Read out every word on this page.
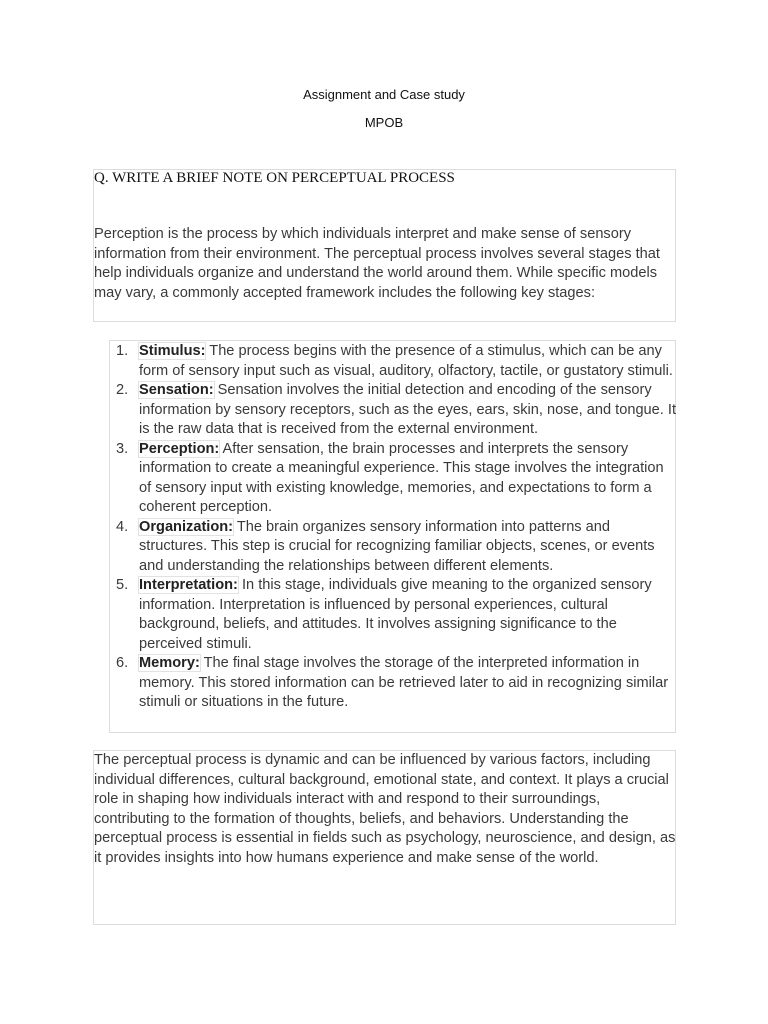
Assignment and Case study
MPOB
Q. WRITE A BRIEF NOTE ON PERCEPTUAL PROCESS
Perception is the process by which individuals interpret and make sense of sensory information from their environment. The perceptual process involves several stages that help individuals organize and understand the world around them. While specific models may vary, a commonly accepted framework includes the following key stages:
1. Stimulus: The process begins with the presence of a stimulus, which can be any form of sensory input such as visual, auditory, olfactory, tactile, or gustatory stimuli.
2. Sensation: Sensation involves the initial detection and encoding of the sensory information by sensory receptors, such as the eyes, ears, skin, nose, and tongue. It is the raw data that is received from the external environment.
3. Perception: After sensation, the brain processes and interprets the sensory information to create a meaningful experience. This stage involves the integration of sensory input with existing knowledge, memories, and expectations to form a coherent perception.
4. Organization: The brain organizes sensory information into patterns and structures. This step is crucial for recognizing familiar objects, scenes, or events and understanding the relationships between different elements.
5. Interpretation: In this stage, individuals give meaning to the organized sensory information. Interpretation is influenced by personal experiences, cultural background, beliefs, and attitudes. It involves assigning significance to the perceived stimuli.
6. Memory: The final stage involves the storage of the interpreted information in memory. This stored information can be retrieved later to aid in recognizing similar stimuli or situations in the future.
The perceptual process is dynamic and can be influenced by various factors, including individual differences, cultural background, emotional state, and context. It plays a crucial role in shaping how individuals interact with and respond to their surroundings, contributing to the formation of thoughts, beliefs, and behaviors. Understanding the perceptual process is essential in fields such as psychology, neuroscience, and design, as it provides insights into how humans experience and make sense of the world.
